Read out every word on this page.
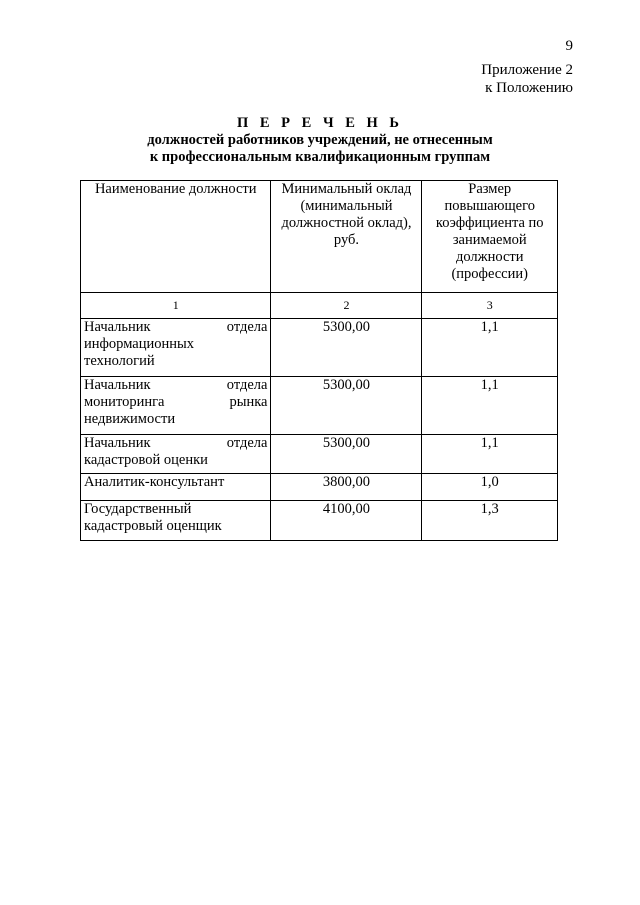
9
Приложение 2
к Положению
П Е Р Е Ч Е Н Ь
должностей работников учреждений, не отнесенным
к профессиональным квалификационным группам
Наименование должности	Минимальный оклад (минимальный должностной оклад), руб.	Размер повышающего коэффициента по занимаемой должности (профессии)
1	2	3

Начальник отдела
информационных технологий	5300,00	1,1

Начальник отдела
мониторинга рынка
недвижимости	5300,00	1,1

Начальник отдела
кадастровой оценки	5300,00	1,1
Аналитик-консультант	3800,00	1,0
Государственный кадастровый оценщик	4100,00	1,3
